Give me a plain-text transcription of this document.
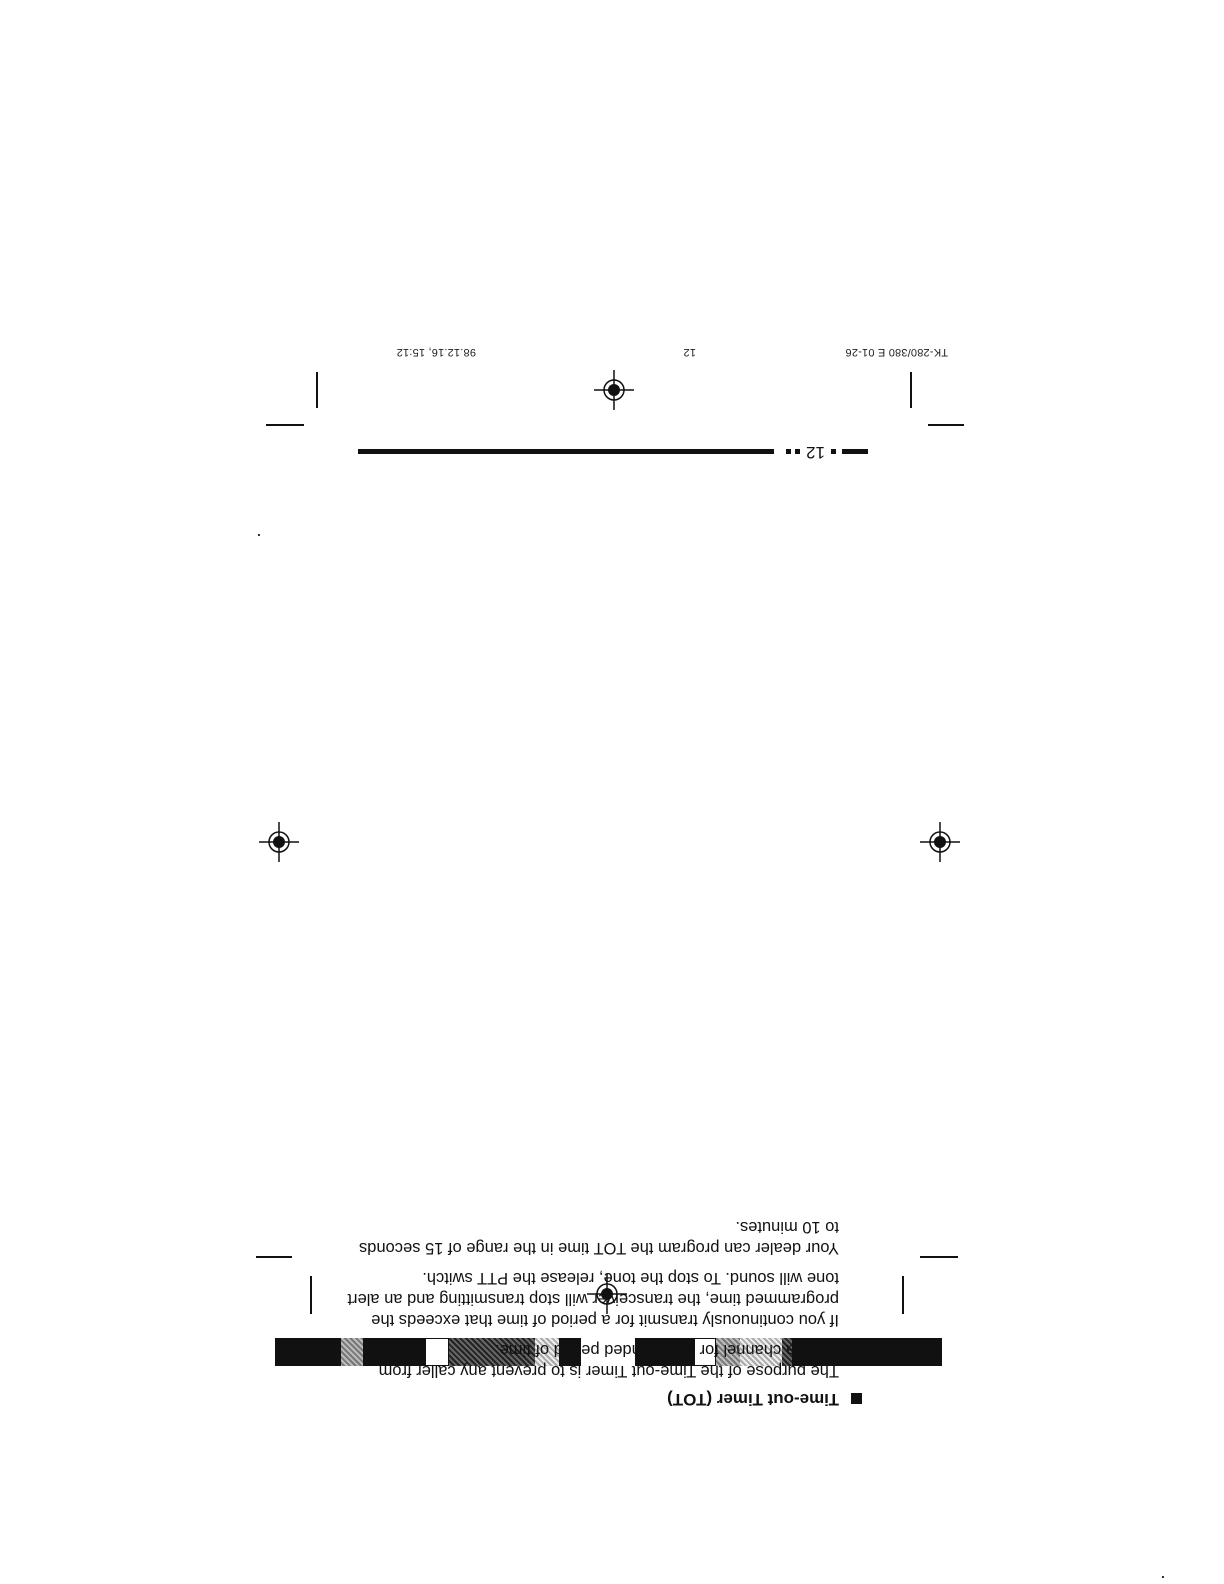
Time-out Timer (TOT)

The purpose of the Time-out Timer is to prevent any caller from using a channel for an extended period of time.

If you continuously transmit for a period of time that exceeds the programmed time, the transceiver will stop transmitting and an alert tone will sound. To stop the tone, release the PTT switch.

Your dealer can program the TOT time in the range of 15 seconds to 10 minutes.

12
TK-280/380 E 01-26
12
98.12.16, 15:12
